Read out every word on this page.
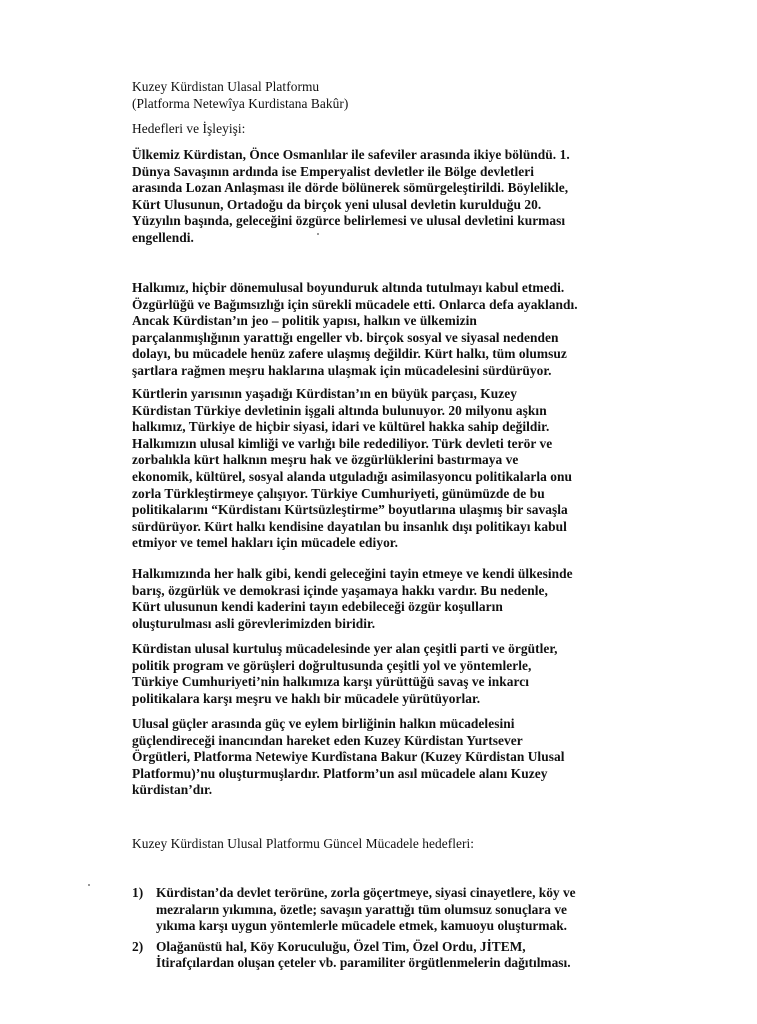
Kuzey Kürdistan Ulasal Platformu
(Platforma Netewîya Kurdistana Bakûr)
Hedefleri ve İşleyişi:
Ülkemiz Kürdistan, Önce Osmanlılar ile safeviler arasında ikiye bölündü. 1.
Dünya Savaşının ardında ise Emperyalist devletler ile Bölge devletleri
arasında Lozan Anlaşması ile dörde bölünerek sömürgeleştirildi. Böylelikle,
Kürt Ulusunun, Ortadoğu da birçok yeni ulusal devletin kurulduğu 20.
Yüzyılın başında, geleceğini özgürce belirlemesi ve ulusal devletini kurması
engellendi.
Halkımız, hiçbir dönemulusal boyunduruk altında tutulmayı kabul etmedi.
Özgürlüğü ve Bağımsızlığı için sürekli mücadele etti. Onlarca defa ayaklandı.
Ancak Kürdistan’ın jeo – politik yapısı, halkın ve ülkemizin
parçalanmışlığının yarattığı engeller vb. birçok sosyal ve siyasal nedenden
dolayı, bu mücadele henüz zafere ulaşmış değildir. Kürt halkı, tüm olumsuz
şartlara rağmen meşru haklarına ulaşmak için mücadelesini sürdürüyor.
Kürtlerin yarısının yaşadığı Kürdistan’ın en büyük parçası, Kuzey
Kürdistan Türkiye devletinin işgali altında bulunuyor. 20 milyonu aşkın
halkımız, Türkiye de hiçbir siyasi, idari ve kültürel hakka sahip değildir.
Halkımızın ulusal kimliği ve varlığı bile redediliyor. Türk devleti terör ve
zorbalıkla kürt halknın meşru hak ve özgürlüklerini bastırmaya ve
ekonomik, kültürel, sosyal alanda utguladığı asimilasyoncu politikalarla onu
zorla Türkleştirmeye çalışıyor. Türkiye Cumhuriyeti, günümüzde de bu
politikalarını “Kürdistanı Kürtsüzleştirme” boyutlarına ulaşmış bir savaşla
sürdürüyor. Kürt halkı kendisine dayatılan bu insanlık dışı politikayı kabul
etmiyor ve temel hakları için mücadele ediyor.
Halkımızında her halk gibi, kendi geleceğini tayin etmeye ve kendi ülkesinde
barış, özgürlük ve demokrasi içinde yaşamaya hakkı vardır. Bu nedenle,
Kürt ulusunun kendi kaderini tayın edebileceği özgür koşulların
oluşturulması asli görevlerimizden biridir.
Kürdistan ulusal kurtuluş mücadelesinde yer alan çeşitli parti ve örgütler,
politik program ve görüşleri doğrultusunda çeşitli yol ve yöntemlerle,
Türkiye Cumhuriyeti’nin halkımıza karşı yürüttüğü savaş ve inkarcı
politikalara karşı meşru ve haklı bir mücadele yürütüyorlar.
Ulusal güçler arasında güç ve eylem birliğinin halkın mücadelesini
güçlendireceği inancından hareket eden Kuzey Kürdistan Yurtsever
Örgütleri, Platforma Netewiye Kurdîstana Bakur (Kuzey Kürdistan Ulusal
Platformu)’nu oluşturmuşlardır. Platform’un asıl mücadele alanı Kuzey
kürdistan’dır.
Kuzey Kürdistan Ulusal Platformu Güncel Mücadele hedefleri:
1) Kürdistan’da devlet terörüne, zorla göçertmeye, siyasi cinayetlere, köy ve
mezraların yıkımına, özetle; savaşın yarattığı tüm olumsuz sonuçlara ve
yıkıma karşı uygun yöntemlerle mücadele etmek, kamuoyu oluşturmak.
2) Olağanüstü hal, Köy Koruculuğu, Özel Tim, Özel Ordu, JİTEM,
İtirafçılardan oluşan çeteler vb. paramiliter örgütlenmelerin dağıtılması.
